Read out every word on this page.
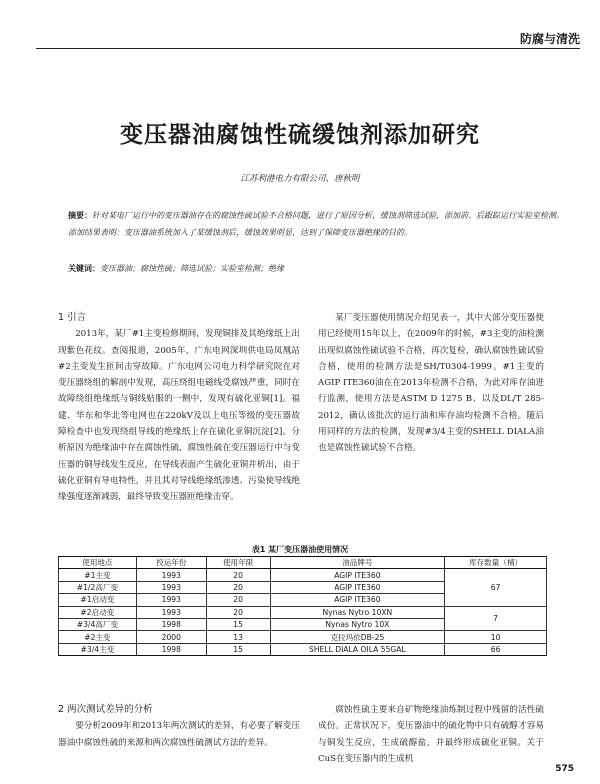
防腐与清洗
变压器油腐蚀性硫缓蚀剂添加研究
江苏利港电力有限公司、唐秋明
摘要：针对某电厂运行中的变压器油存在的腐蚀性硫试验不合格问题，进行了原因分析，缓蚀剂筛选试验，添加前、后跟踪运行实验室检测。添加结果表明：变压器油系统加入了某缓蚀剂后，缓蚀效果明显，达到了保障变压器绝缘的目的。
关键词：变压器油；腐蚀性硫；筛选试验；实验室检测；绝缘

1 引言

2013年，某厂#1主变检修期间，发现铜排及其绝缘纸上出现紫色花纹。查阅报道，2005年，广东电网深圳供电局凤凰站#2主变发生匝间击穿故障。广东电网公司电力科学研究院在对变压器绕组的解剖中发现，高压绕组电磁线受腐蚀严重，同时在故障绕组绝缘纸与铜线贴服的一侧中，发现有硫化亚铜[1]。福建、华东和华北等电网也在220kV及以上电压等级的变压器故障检查中也发现绕组导线的绝缘纸上存在硫化亚铜沉淀[2]。分析原因为绝缘油中存在腐蚀性硫，腐蚀性硫在变压器运行中与变压器的铜导线发生反应，在导线表面产生硫化亚铜并析出，由于硫化亚铜有导电特性，并且其对导线绝缘纸渗透、污染使导线绝缘强度逐渐减弱，最终导致变压器匝绝缘击穿。

某厂变压器使用情况介绍见表一，其中大部分变压器使用已经使用15年以上，在2009年的时候，#3主变的油检测出现似腐蚀性硫试验不合格，再次复检，确认腐蚀性硫试验合格，使用的检测方法是SH/T0304-1999。#1主变的AGIP ITE360油在在2013年检测不合格，为此对库存油进行监测，使用方法是ASTM D 1275 B、以及DL/T 285-2012，确认该批次的运行油和库存油均检测不合格。随后用同样的方法的检测，发现#3/4主变的SHELL DIALA油也是腐蚀性硫试验不合格。

表1 某厂变压器油使用情况
使用地点	投运年份	使用年限	油品牌号	库存数量（桶）
#1主变	1993	20	AGIP ITE360	67
#1/2高厂变	1993	20	AGIP ITE360	
#1启动变	1993	20	AGIP ITE360	
#2启动变	1993	20	Nynas Nytro 10XN	7
#3/4高厂变	1998	15	Nynas Nytro 10X	
#2主变	2000	13	克拉玛依DB-25	10
#3/4主变	1998	15	SHELL DIALA OILA 55GAL	66

2 两次测试差异的分析

要分析2009年和2013年两次测试的差异，有必要了解变压器油中腐蚀性硫的来源和两次腐蚀性硫测试方法的差异。

腐蚀性硫主要来自矿物绝缘油炼制过程中残留的活性硫成份。正常状况下，变压器油中的硫化物中只有硫醇才容易与铜发生反应，生成硫醇盐，并最终形成硫化亚铜。关于CuS在变压器内的生成机

575
